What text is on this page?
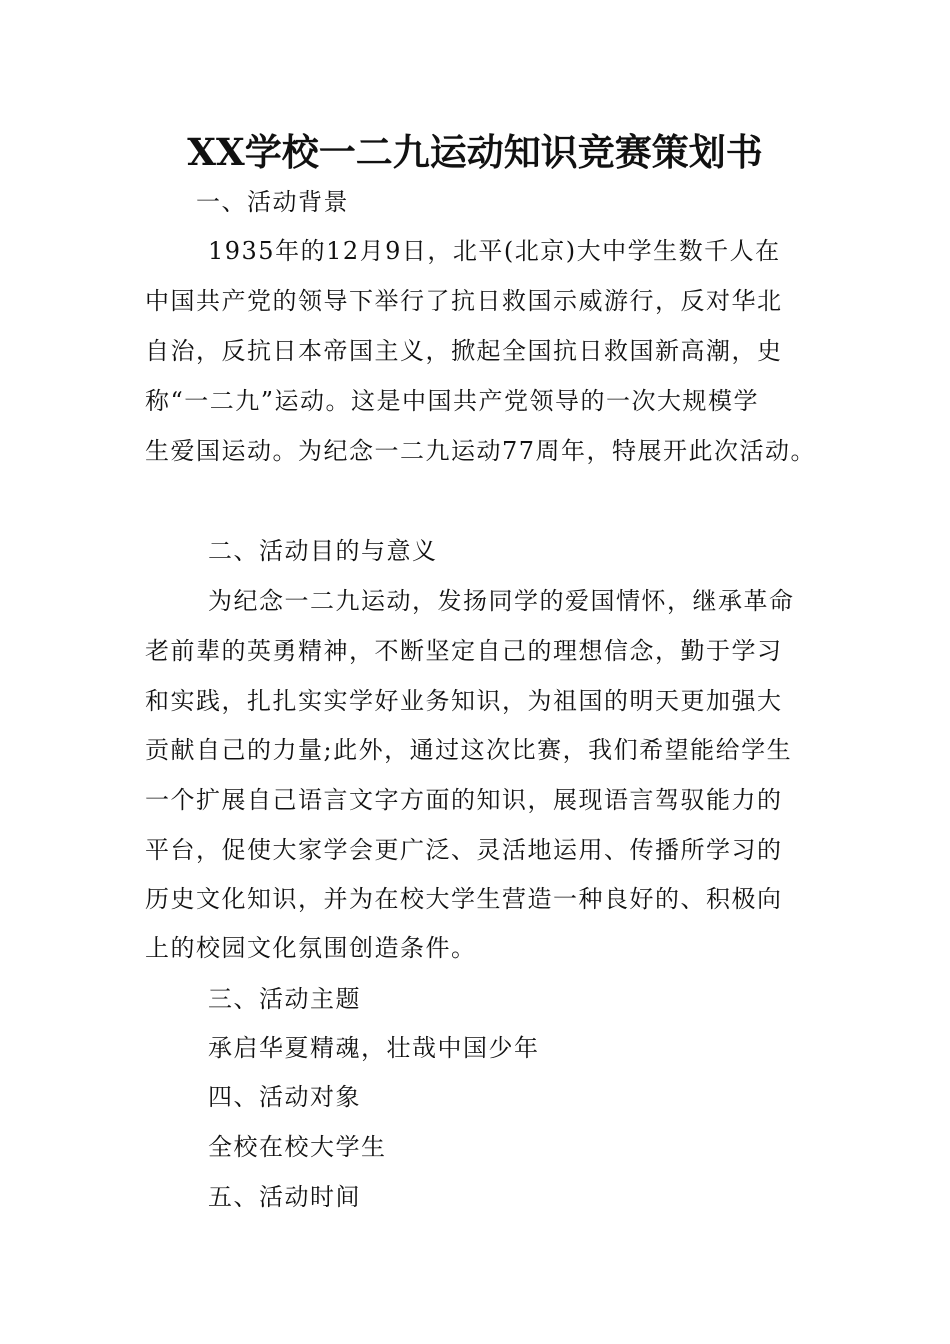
XX学校一二九运动知识竞赛策划书
一、活动背景
1935年的12月9日，北平(北京)大中学生数千人在
中国共产党的领导下举行了抗日救国示威游行，反对华北
自治，反抗日本帝国主义，掀起全国抗日救国新高潮，史
称“一二九”运动。这是中国共产党领导的一次大规模学
生爱国运动。为纪念一二九运动77周年，特展开此次活动。
二、活动目的与意义
为纪念一二九运动，发扬同学的爱国情怀，继承革命
老前辈的英勇精神，不断坚定自己的理想信念，勤于学习
和实践，扎扎实实学好业务知识，为祖国的明天更加强大
贡献自己的力量;此外，通过这次比赛，我们希望能给学生
一个扩展自己语言文字方面的知识，展现语言驾驭能力的
平台，促使大家学会更广泛、灵活地运用、传播所学习的
历史文化知识，并为在校大学生营造一种良好的、积极向
上的校园文化氛围创造条件。
三、活动主题
承启华夏精魂，壮哉中国少年
四、活动对象
全校在校大学生
五、活动时间
